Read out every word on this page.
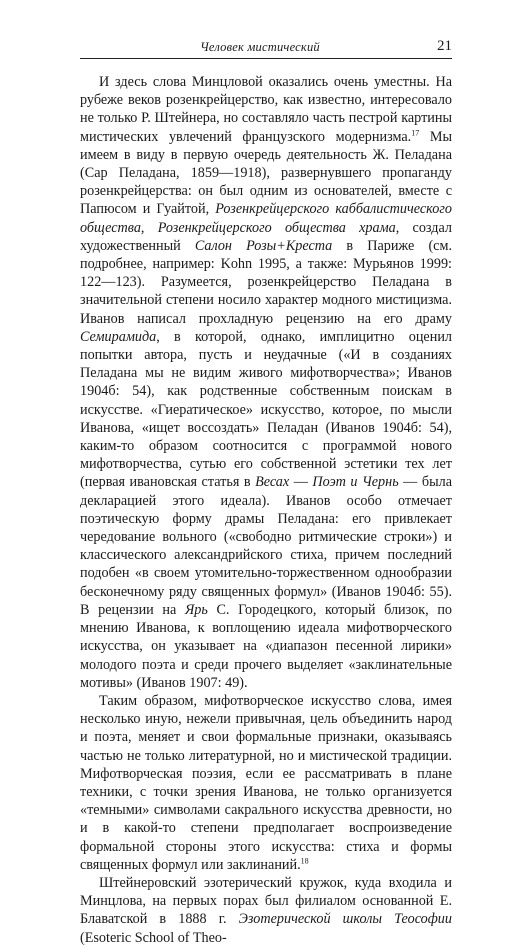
Человек мистический	21

И здесь слова Минцловой оказались очень уместны. На рубеже веков розенкрейцерство, как известно, интересовало не только Р. Штейнера, но составляло часть пестрой картины мистических увлечений французского модернизма.$^{17}$ Мы имеем в виду в первую очередь деятельность Ж. Пеладана (Сар Пеладана, 1859—1918), развернувшего пропаганду розенкрейцерства: он был одним из основателей, вместе с Папюсом и Гуайтой, Розенкрейцерского каббалистического общества, Розенкрейцерского общества храма, создал художественный Салон Розы+Креста в Париже (см. подробнее, например: Kohn 1995, а также: Мурьянов 1999: 122—123). Разумеется, розенкрейцерство Пеладана в значительной степени носило характер модного мистицизма. Иванов написал прохладную рецензию на его драму Семирамида, в которой, однако, имплицитно оценил попытки автора, пусть и неудачные («И в созданиях Пеладана мы не видим живого мифотворчества»; Иванов 1904б: 54), как родственные собственным поискам в искусстве. «Гиератическое» искусство, которое, по мысли Иванова, «ищет воссоздать» Пеладан (Иванов 1904б: 54), каким-то образом соотносится с программой нового мифотворчества, сутью его собственной эстетики тех лет (первая ивановская статья в Весах — Поэт и Чернь — была декларацией этого идеала). Иванов особо отмечает поэтическую форму драмы Пеладана: его привлекает чередование вольного («свободно ритмические строки») и классического александрийского стиха, причем последний подобен «в своем утомительно-торжественном однообразии бесконечному ряду священных формул» (Иванов 1904б: 55). В рецензии на Ярь С. Городецкого, который близок, по мнению Иванова, к воплощению идеала мифотворческого искусства, он указывает на «диапазон песенной лирики» молодого поэта и среди прочего выделяет «заклинательные мотивы» (Иванов 1907: 49).

Таким образом, мифотворческое искусство слова, имея несколько иную, нежели привычная, цель объединить народ и поэта, меняет и свои формальные признаки, оказываясь частью не только литературной, но и мистической традиции. Мифотворческая поэзия, если ее рассматривать в плане техники, с точки зрения Иванова, не только организуется «темными» символами сакрального искусства древности, но и в какой-то степени предполагает воспроизведение формальной стороны этого искусства: стиха и формы священных формул или заклинаний.$^{18}$

Штейнеровский эзотерический кружок, куда входила и Минцлова, на первых порах был филиалом основанной Е. Блаватской в 1888 г. Эзотерической школы Теософии (Esoteric School of Theo-
